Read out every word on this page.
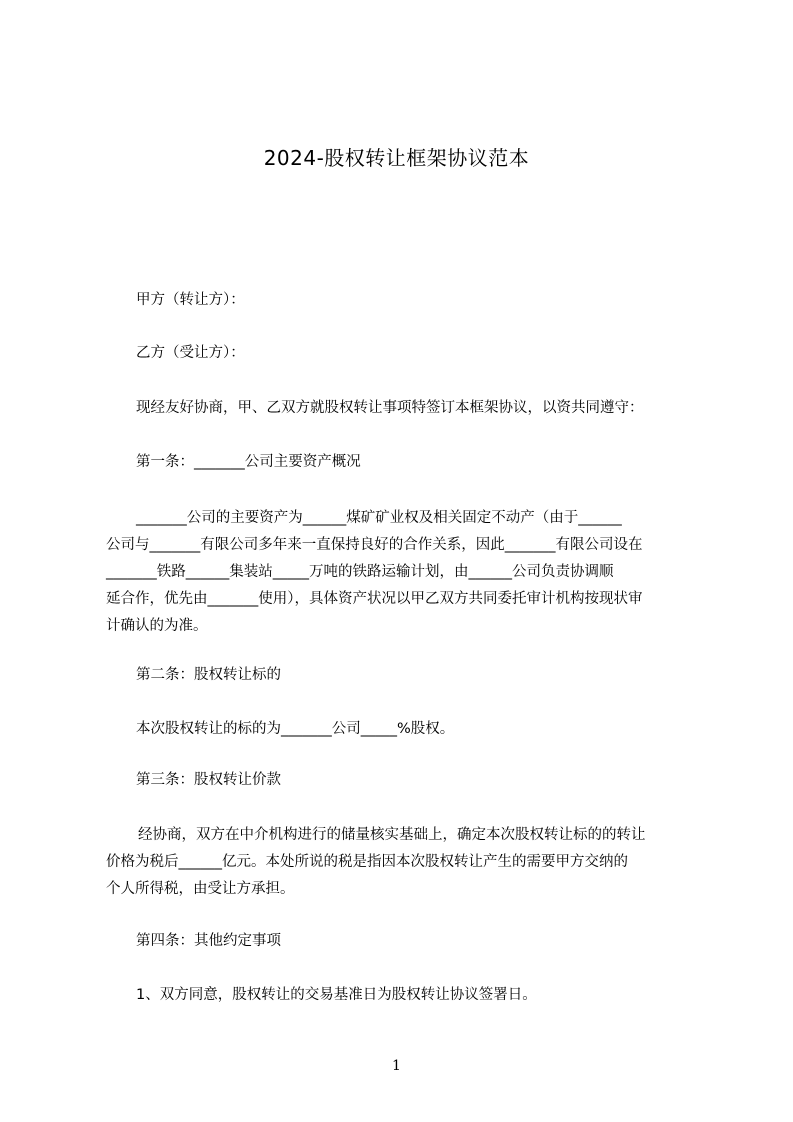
2024-股权转让框架协议范本

甲方（转让方）：

乙方（受让方）：

现经友好协商，甲、乙双方就股权转让事项特签订本框架协议，以资共同遵守：

第一条：_______公司主要资产概况

_______公司的主要资产为______煤矿矿业权及相关固定不动产（由于______
公司与_______有限公司多年来一直保持良好的合作关系，因此_______有限公司设在
_______铁路______集装站_____万吨的铁路运输计划，由______公司负责协调顺
延合作，优先由_______使用），具体资产状况以甲乙双方共同委托审计机构按现状审
计确认的为准。

第二条：股权转让标的

本次股权转让的标的为_______公司_____%股权。

第三条：股权转让价款

经协商，双方在中介机构进行的储量核实基础上，确定本次股权转让标的的转让
价格为税后______亿元。本处所说的税是指因本次股权转让产生的需要甲方交纳的
个人所得税，由受让方承担。

第四条：其他约定事项

1、双方同意，股权转让的交易基准日为股权转让协议签署日。

1
